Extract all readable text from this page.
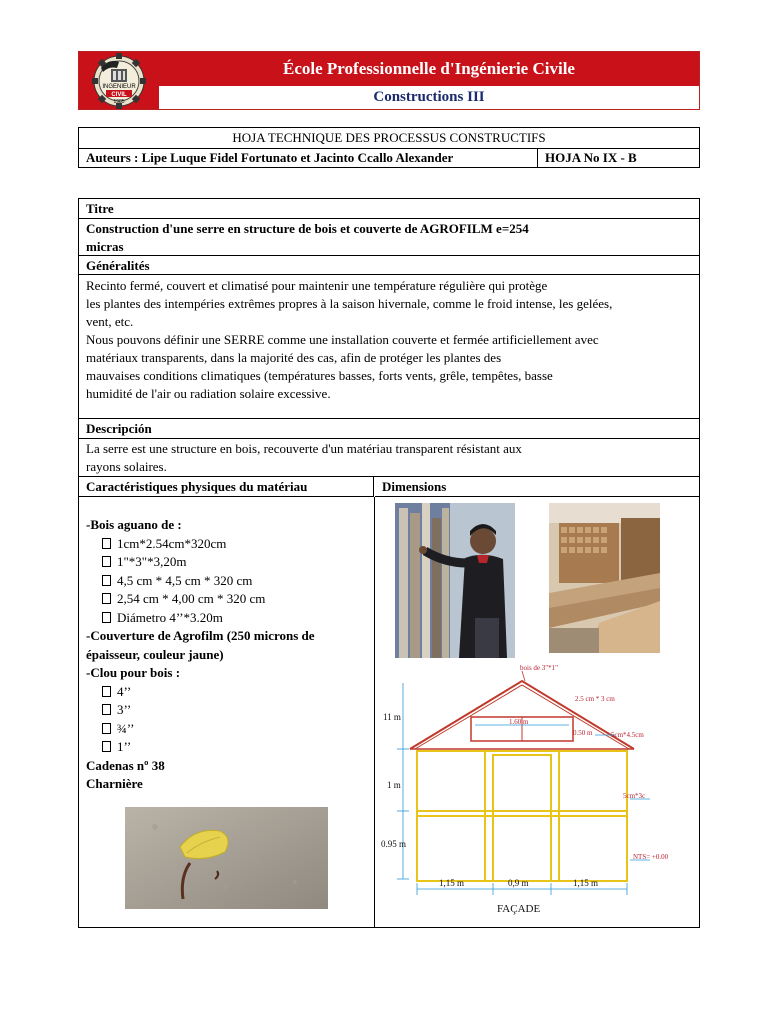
INGENIEUR
CIVIL
1985
École Professionnelle d'Ingénierie Civile
Constructions III
HOJA TECHNIQUE DES PROCESSUS CONSTRUCTIFS
Auteurs : Lipe Luque Fidel Fortunato et Jacinto Ccallo Alexander	HOJA No IX - B
Titre
Construction d'une serre en structure de bois et couverte de AGROFILM e=254
micras
Généralités
Recinto fermé, couvert et climatisé pour maintenir une température régulière qui protège
les plantes des intempéries extrêmes propres à la saison hivernale, comme le froid intense, les gelées,
vent, etc.
Nous pouvons définir une SERRE comme une installation couverte et fermée artificiellement avec
matériaux transparents, dans la majorité des cas, afin de protéger les plantes des
mauvaises conditions climatiques (températures basses, forts vents, grêle, tempêtes, basse
humidité de l'air ou radiation solaire excessive.
Descripción
La serre est une structure en bois, recouverte d'un matériau transparent résistant aux
rayons solaires.
Caractéristiques physiques du matériau	Dimensions
-Bois aguano de :
1cm*2.54cm*320cm
1"*3"*3,20m
4,5 cm * 4,5 cm * 320 cm
2,54 cm * 4,00 cm * 320 cm
Diámetro 4’’*3.20m
-Couverture de Agrofilm (250 microns de
épaisseur, couleur jaune)
-Clou pour bois :
4’’
3’’
¾’’
1’’
Cadenas nº 38
Charnière
bois de 3"*1"
2.5 cm * 3 cm
1.60 m
0.50 m	5cm*4.5cm
5cm*3c
NTS= +0.00
11 m
1 m
0.95 m
1,15 m	0,9 m	1,15 m
FAÇADE
